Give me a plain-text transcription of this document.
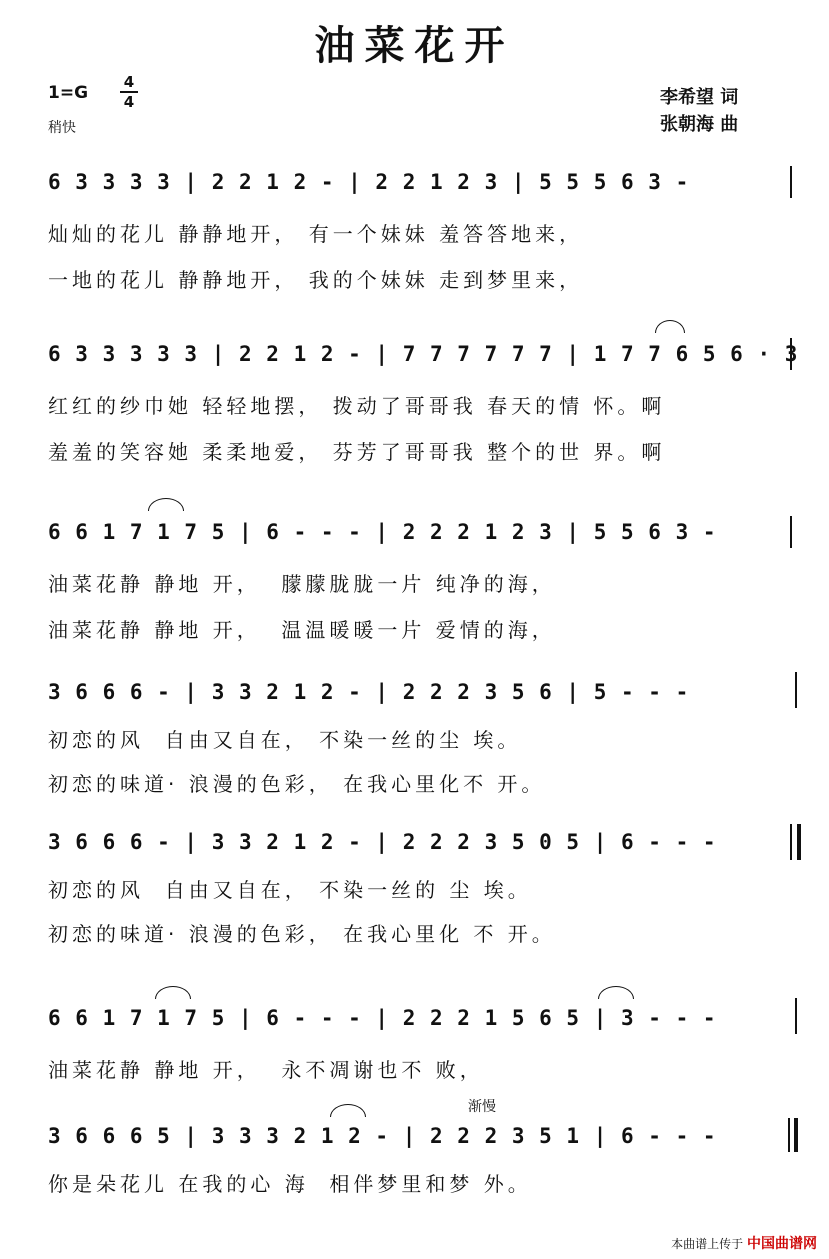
油菜花开
1=G
4
4
稍快
李希望 词
张朝海 曲
6 3 3 3 3 | 2 2 1 2 - | 2 2 1 2 3 | 5 5 5 6 3 -
灿灿的花儿 静静地开， 有一个妹妹 羞答答地来，
一地的花儿 静静地开， 我的个妹妹 走到梦里来，
6 3 3 3 3 3 | 2 2 1 2 - | 7 7 7 7 7 7 | 1 7 7 6 5 6 · 3
红红的纱巾她 轻轻地摆， 拨动了哥哥我 春天的情 怀。啊
羞羞的笑容她 柔柔地爱， 芬芳了哥哥我 整个的世 界。啊
6 6 1 7 1 7 5 | 6 - - - | 2 2 2 1 2 3 | 5 5 6 3 -
油菜花静 静地 开，  朦朦胧胧一片 纯净的海，
油菜花静 静地 开，  温温暖暖一片 爱情的海，
3 6 6 6 - | 3 3 2 1 2 - | 2 2 2 3 5 6 | 5 - - -
初恋的风  自由又自在， 不染一丝的尘 埃。
初恋的味道· 浪漫的色彩， 在我心里化不 开。
3 6 6 6 - | 3 3 2 1 2 - | 2 2 2 3 5 0 5 | 6 - - -
初恋的风  自由又自在， 不染一丝的 尘 埃。
初恋的味道· 浪漫的色彩， 在我心里化 不 开。
6 6 1 7 1 7 5 | 6 - - - | 2 2 2 1 5 6 5 | 3 - - -
油菜花静 静地 开，  永不凋谢也不 败，
渐慢
3 6 6 6 5 | 3 3 3 2 1 2 - | 2 2 2 3 5 1 | 6 - - -
你是朵花儿 在我的心 海  相伴梦里和梦 外。
本曲谱上传于 中国曲谱网
